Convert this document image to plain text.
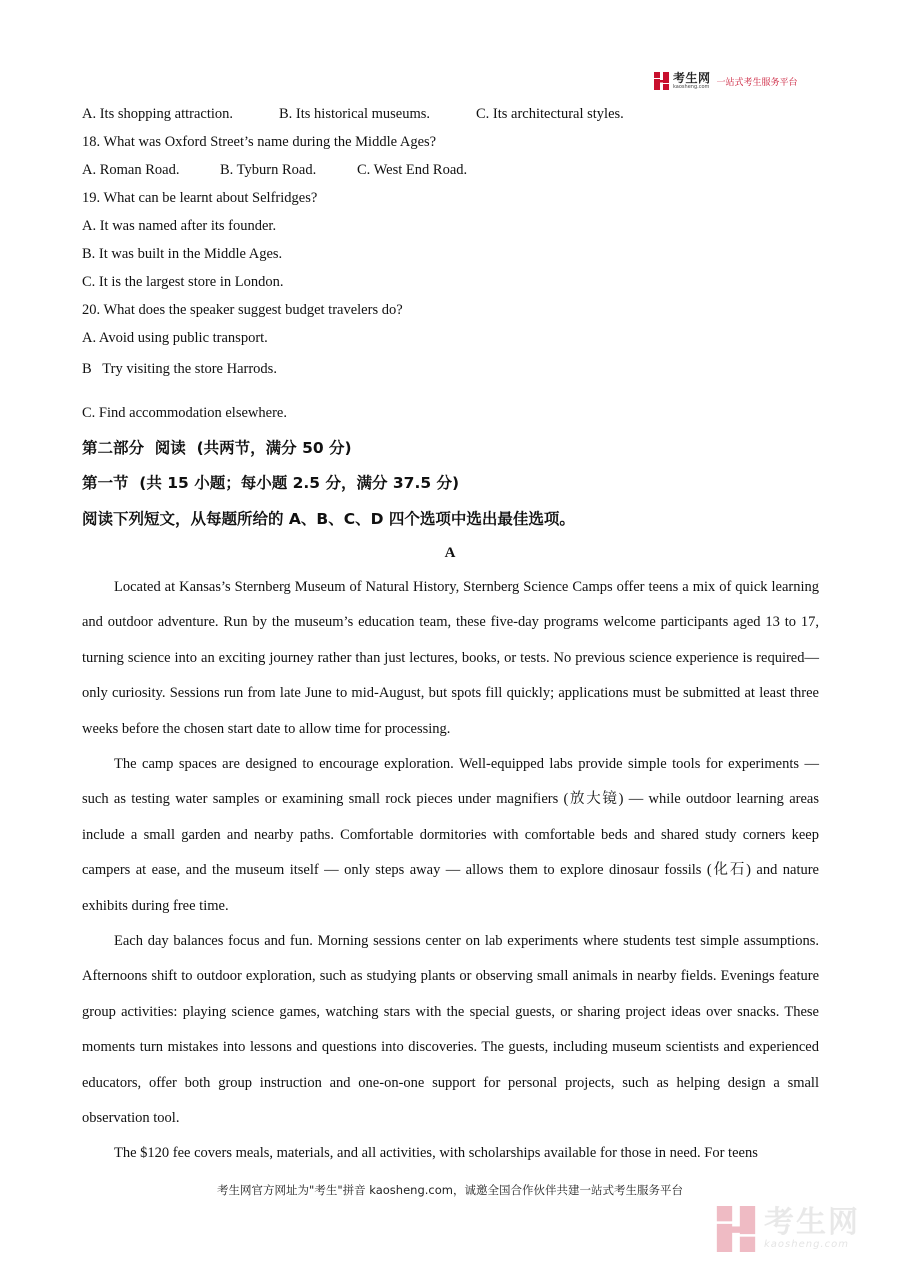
考生网
kaosheng.com 一站式考生服务平台
A. Its shopping attraction.	B. Its historical museums.	C. Its architectural styles.
18. What was Oxford Street’s name during the Middle Ages?
A. Roman Road.	B. Tyburn Road.	C. West End Road.
19. What can be learnt about Selfridges?
A. It was named after its founder.
B. It was built in the Middle Ages.
C. It is the largest store in London.
20. What does the speaker suggest budget travelers do?
A. Avoid using public transport.
B   Try visiting the store Harrods.
C. Find accommodation elsewhere.
第二部分  阅读  (共两节，满分 50 分)
第一节  (共 15 小题；每小题 2.5 分，满分 37.5 分)
阅读下列短文，从每题所给的 A、B、C、D 四个选项中选出最佳选项。
A

Located at Kansas’s Sternberg Museum of Natural History, Sternberg Science Camps offer teens a mix of quick learning and outdoor adventure. Run by the museum’s education team, these five-day programs welcome participants aged 13 to 17, turning science into an exciting journey rather than just lectures, books, or tests. No previous science experience is required—only curiosity. Sessions run from late June to mid-August, but spots fill quickly; applications must be submitted at least three weeks before the chosen start date to allow time for processing.

The camp spaces are designed to encourage exploration. Well-equipped labs provide simple tools for experiments — such as testing water samples or examining small rock pieces under magnifiers (放大镜) — while outdoor learning areas include a small garden and nearby paths. Comfortable dormitories with comfortable beds and shared study corners keep campers at ease, and the museum itself — only steps away — allows them to explore dinosaur fossils (化石) and nature exhibits during free time.

Each day balances focus and fun. Morning sessions center on lab experiments where students test simple assumptions. Afternoons shift to outdoor exploration, such as studying plants or observing small animals in nearby fields. Evenings feature group activities: playing science games, watching stars with the special guests, or sharing project ideas over snacks. These moments turn mistakes into lessons and questions into discoveries. The guests, including museum scientists and experienced educators, offer both group instruction and one-on-one support for personal projects, such as helping design a small observation tool.

The $120 fee covers meals, materials, and all activities, with scholarships available for those in need. For teens

考生网官方网址为"考生"拼音 kaosheng.com，诚邀全国合作伙伴共建一站式考生服务平台
考生网
kaosheng.com
